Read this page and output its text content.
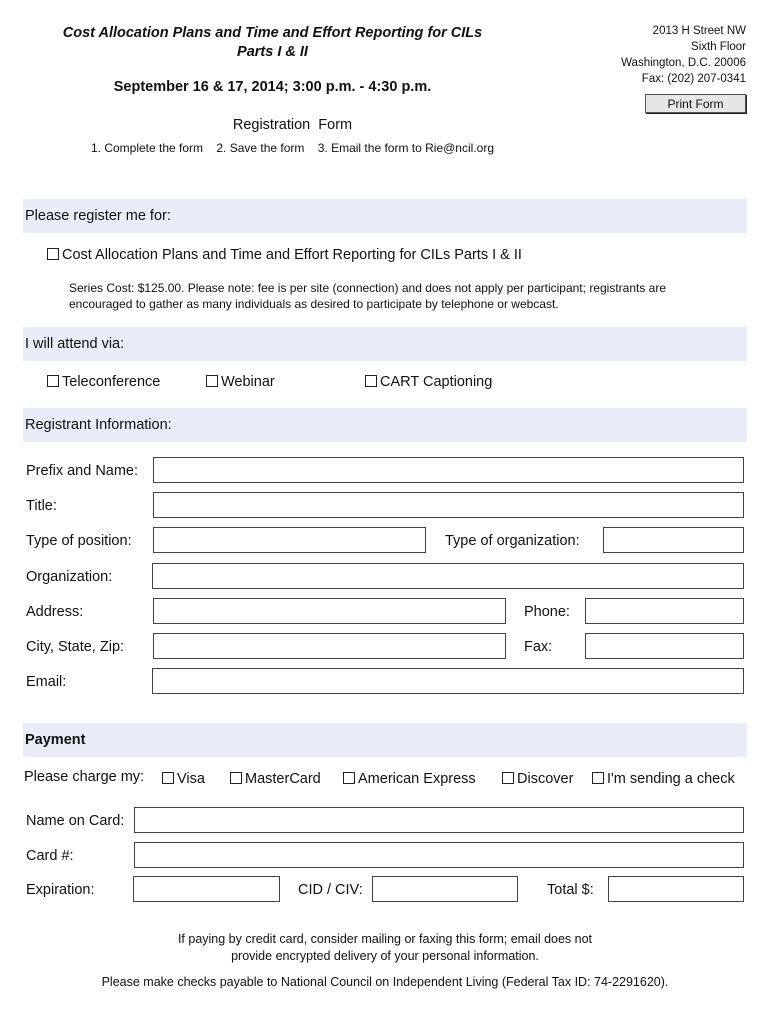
Cost Allocation Plans and Time and Effort Reporting for CILs
Parts I & II
September 16 & 17, 2014; 3:00 p.m. - 4:30 p.m.
2013 H Street NW
Sixth Floor
Washington, D.C. 20006
Fax: (202) 207-0341
Print Form
Registration  Form
1. Complete the form    2. Save the form    3. Email the form to Rie@ncil.org
Please register me for:
Cost Allocation Plans and Time and Effort Reporting for CILs Parts I & II
Series Cost: $125.00. Please note: fee is per site (connection) and does not apply per participant; registrants are encouraged to gather as many individuals as desired to participate by telephone or webcast.
I will attend via:
Teleconference	Webinar	CART Captioning
Registrant Information:
Prefix and Name:
Title:
Type of position:	Type of organization:
Organization:
Address:	Phone:
City, State, Zip:	Fax:
Email:
Payment
Please charge my:	Visa	MasterCard	American Express	Discover	I'm sending a check
Name on Card:
Card #:
Expiration:	CID / CIV:	Total $:
If paying by credit card, consider mailing or faxing this form; email does not
provide encrypted delivery of your personal information.
Please make checks payable to National Council on Independent Living (Federal Tax ID: 74-2291620).
